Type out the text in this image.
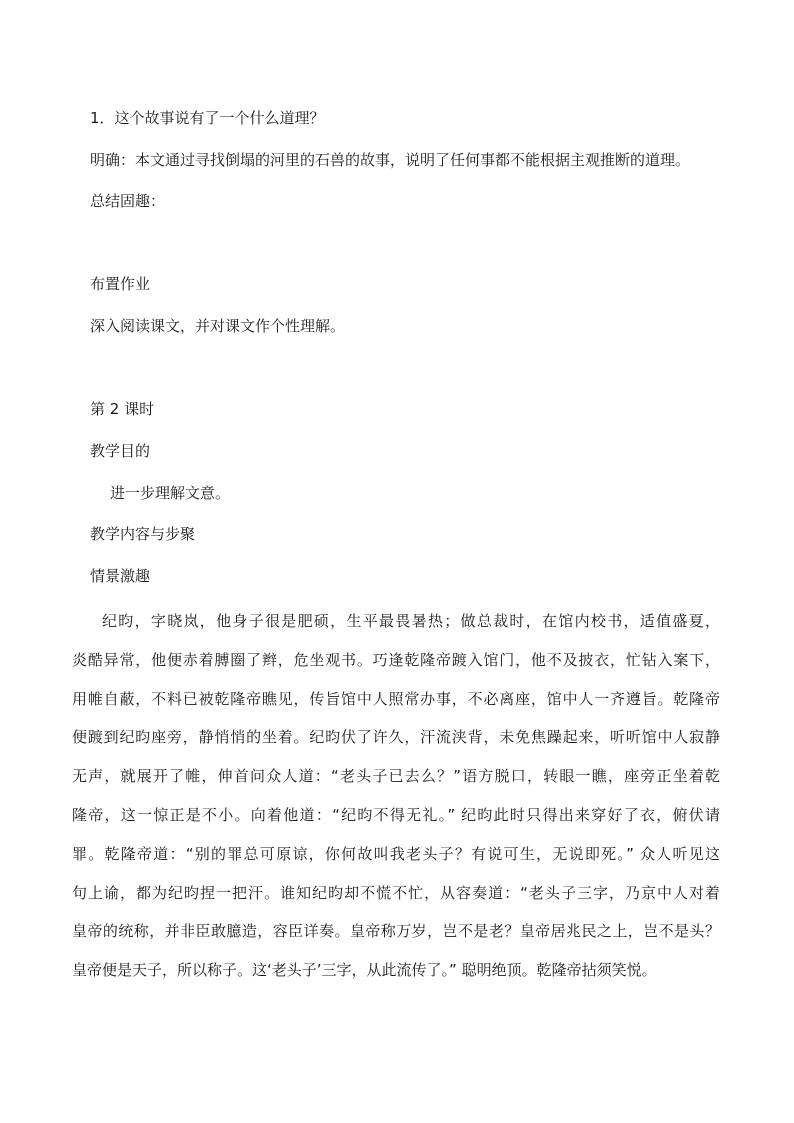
1．这个故事说有了一个什么道理？
明确：本文通过寻找倒塌的河里的石兽的故事，说明了任何事都不能根据主观推断的道理。
总结固趣：
布置作业
深入阅读课文，并对课文作个性理解。
第 2 课时
教学目的
进一步理解文意。
教学内容与步聚
情景激趣
纪昀，字晓岚，他身子很是肥硕，生平最畏暑热；做总裁时，在馆内校书，适值盛夏，
炎酷异常，他便赤着膊圈了辫，危坐观书。巧逢乾隆帝踱入馆门，他不及披衣，忙钻入案下，
用帷自蔽，不料已被乾隆帝瞧见，传旨馆中人照常办事，不必离座，馆中人一齐遵旨。乾隆帝
便踱到纪昀座旁，静悄悄的坐着。纪昀伏了许久，汗流浃背，未免焦躁起来，听听馆中人寂静
无声，就展开了帷，伸首问众人道：“老头子已去么？”语方脱口，转眼一瞧，座旁正坐着乾
隆帝，这一惊正是不小。向着他道：“纪昀不得无礼。” 纪昀此时只得出来穿好了衣，俯伏请
罪。乾隆帝道：“别的罪总可原谅，你何故叫我老头子？有说可生，无说即死。” 众人听见这
句上谕，都为纪昀捏一把汗。谁知纪昀却不慌不忙，从容奏道：“老头子三字，乃京中人对着
皇帝的统称，并非臣敢臆造，容臣详奏。皇帝称万岁，岂不是老？皇帝居兆民之上，岂不是头？
皇帝便是天子，所以称子。这‘老头子’三字，从此流传了。” 聪明绝顶。乾隆帝拈须笑悦。
